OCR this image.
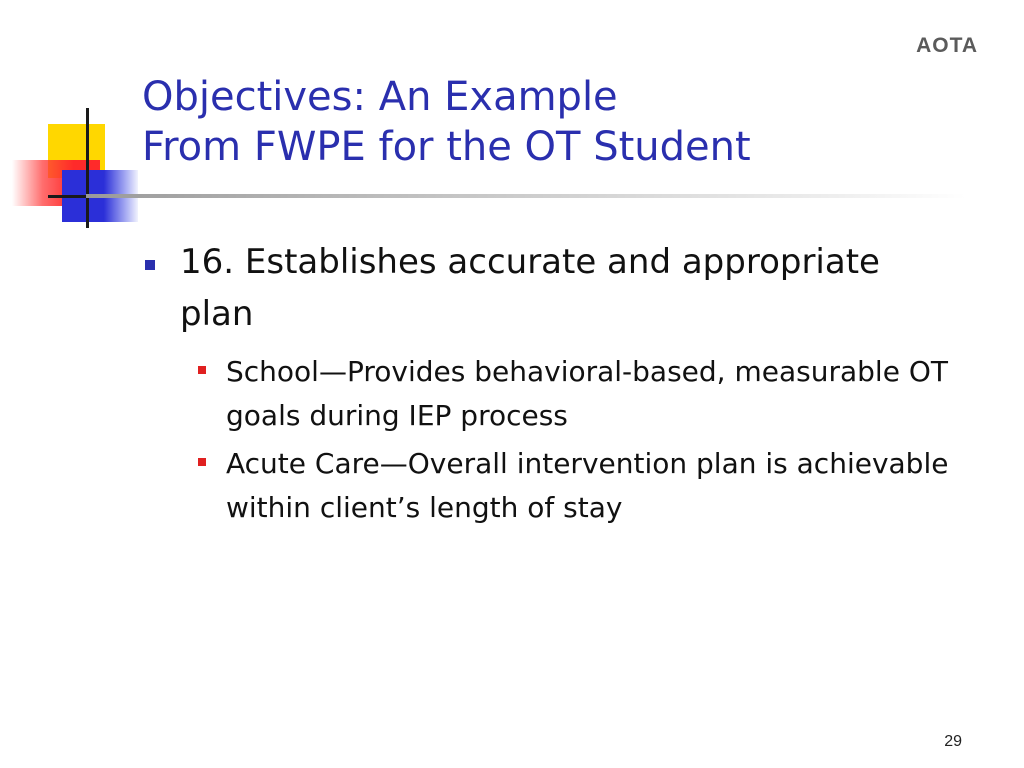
AOTA
Objectives: An Example
From FWPE for the OT Student
16. Establishes accurate and appropriate plan
School—Provides behavioral-based, measurable OT goals during IEP process
Acute Care—Overall intervention plan is achievable within client’s length of stay
29
